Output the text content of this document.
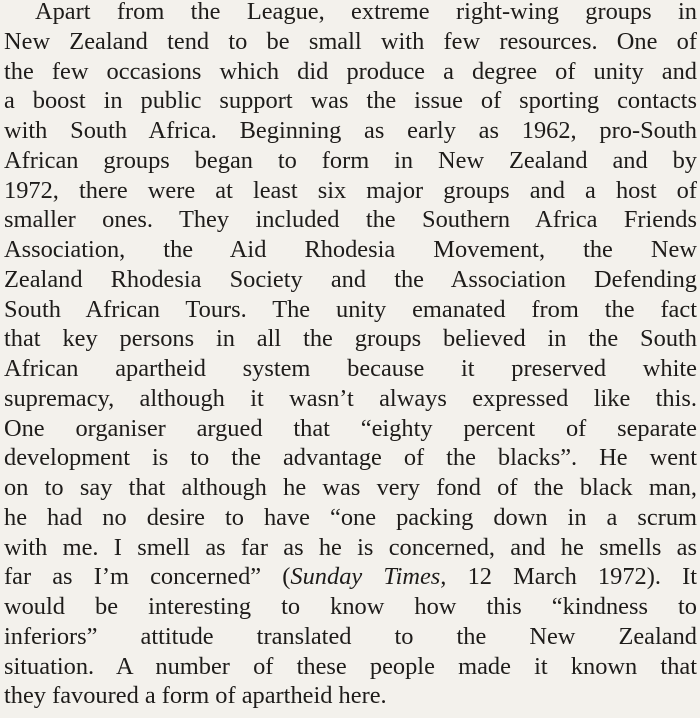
Apart from the League, extreme right-wing groups in
New Zealand tend to be small with few resources. One of
the few occasions which did produce a degree of unity and
a boost in public support was the issue of sporting contacts
with South Africa. Beginning as early as 1962, pro-South
African groups began to form in New Zealand and by
1972, there were at least six major groups and a host of
smaller ones. They included the Southern Africa Friends
Association, the Aid Rhodesia Movement, the New
Zealand Rhodesia Society and the Association Defending
South African Tours. The unity emanated from the fact
that key persons in all the groups believed in the South
African apartheid system because it preserved white
supremacy, although it wasn’t always expressed like this.
One organiser argued that “eighty percent of separate
development is to the advantage of the blacks”. He went
on to say that although he was very fond of the black man,
he had no desire to have “one packing down in a scrum
with me. I smell as far as he is concerned, and he smells as
far as I’m concerned” (Sunday Times, 12 March 1972). It
would be interesting to know how this “kindness to
inferiors” attitude translated to the New Zealand
situation. A number of these people made it known that
they favoured a form of apartheid here.
